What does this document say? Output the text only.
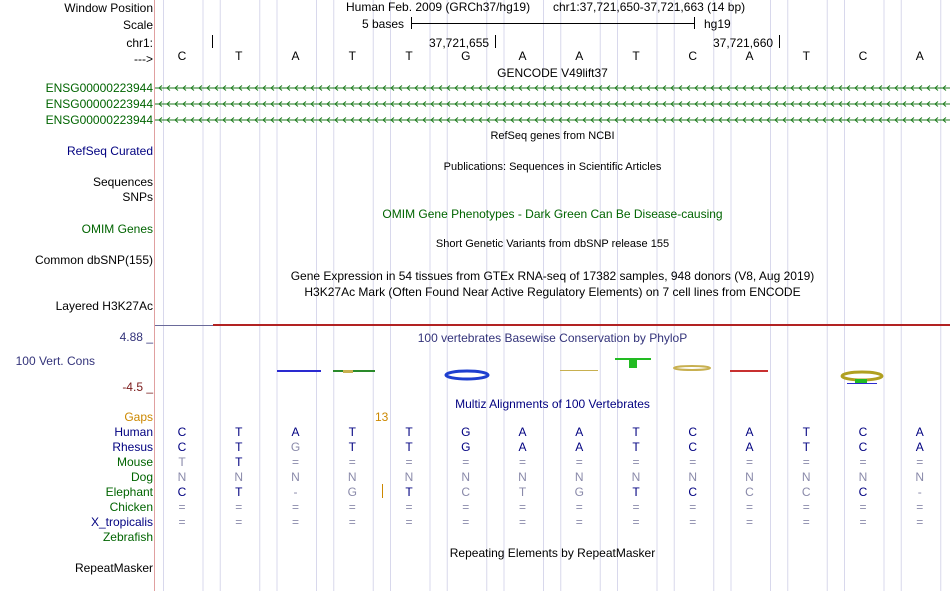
Window Position	Human Feb. 2009 (GRCh37/hg19) chr1:37,721,650-37,721,663 (14 bp)
Scale	5 bases	hg19
chr1:	37,721,655	37,721,660
--->	C	T	A	T	T	G	A	A	T	C	A	T	C	A
GENCODE V49lift37
ENSG00000223944
ENSG00000223944
ENSG00000223944
RefSeq genes from NCBI
RefSeq Curated
Publications: Sequences in Scientific Articles
Sequences
SNPs
OMIM Gene Phenotypes - Dark Green Can Be Disease-causing
OMIM Genes
Short Genetic Variants from dbSNP release 155
Common dbSNP(155)
Gene Expression in 54 tissues from GTEx RNA-seq of 17382 samples, 948 donors (V8, Aug 2019)
H3K27Ac Mark (Often Found Near Active Regulatory Elements) on 7 cell lines from ENCODE
Layered H3K27Ac
4.88 _	100 vertebrates Basewise Conservation by PhyloP
100 Vert. Cons
-4.5 _
Multiz Alignments of 100 Vertebrates
Gaps	13
Human	C	T	A	T	T	G	A	A	T	C	A	T	C	A
Rhesus	C	T	G	T	T	G	A	A	T	C	A	T	C	A
Mouse	T	T	=	=	=	=	=	=	=	=	=	=	=	=
Dog	N	N	N	N	N	N	N	N	N	N	N	N	N	N
Elephant	C	T	-	G	T	C	T	G	T	C	C	C	C	-
Chicken	=	=	=	=	=	=	=	=	=	=	=	=	=	=
X_tropicalis	=	=	=	=	=	=	=	=	=	=	=	=	=	=
Zebrafish
Repeating Elements by RepeatMasker
RepeatMasker
